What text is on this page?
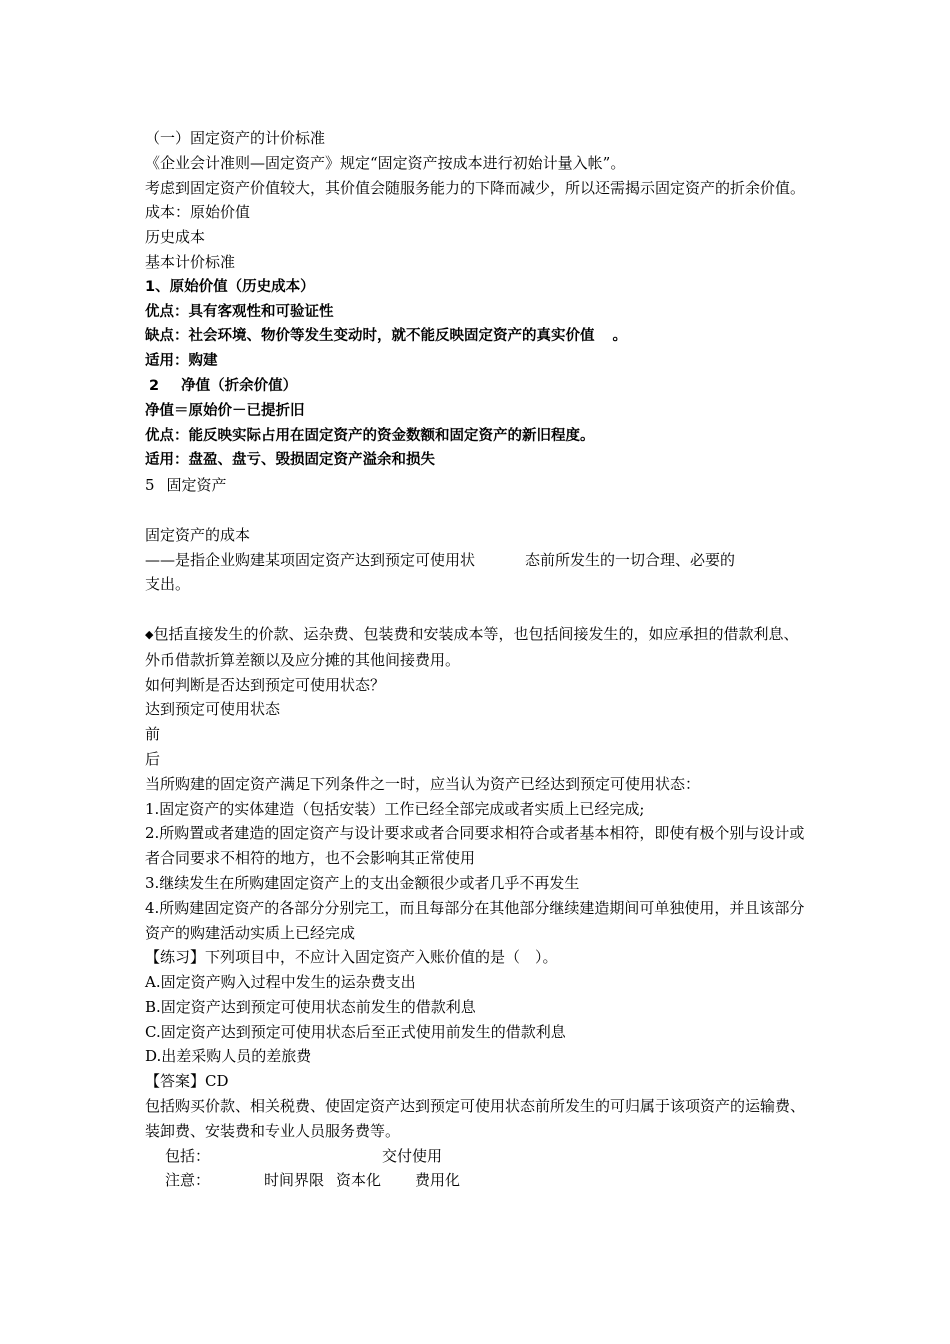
（一）固定资产的计价标准

《企业会计准则—固定资产》规定“固定资产按成本进行初始计量入帐”。

考虑到固定资产价值较大，其价值会随服务能力的下降而减少，所以还需揭示固定资产的折余价值。

成本：原始价值

历史成本

基本计价标准

1、原始价值（历史成本）

优点：具有客观性和可验证性

缺点：社会环境、物价等发生变动时，就不能反映固定资产的真实价值 。

适用：购建

2 净值（折余价值）

净值＝原始价－已提折旧

优点：能反映实际占用在固定资产的资金数额和固定资产的新旧程度。

适用：盘盈、盘亏、毁损固定资产溢余和损失

5 固定资产

固定资产的成本

——是指企业购建某项固定资产达到预定可使用状	态前所发生的一切合理、必要的

支出。

◆包括直接发生的价款、运杂费、包装费和安装成本等，也包括间接发生的，如应承担的借款利息、外币借款折算差额以及应分摊的其他间接费用。

如何判断是否达到预定可使用状态？

达到预定可使用状态

前

后

当所购建的固定资产满足下列条件之一时，应当认为资产已经达到预定可使用状态：

1.固定资产的实体建造（包括安装）工作已经全部完成或者实质上已经完成;

2.所购置或者建造的固定资产与设计要求或者合同要求相符合或者基本相符，即使有极个别与设计或者合同要求不相符的地方，也不会影响其正常使用

3.继续发生在所购建固定资产上的支出金额很少或者几乎不再发生

4.所购建固定资产的各部分分别完工，而且每部分在其他部分继续建造期间可单独使用，并且该部分资产的购建活动实质上已经完成

【练习】下列项目中，不应计入固定资产入账价值的是（　）。

A.固定资产购入过程中发生的运杂费支出

B.固定资产达到预定可使用状态前发生的借款利息

C.固定资产达到预定可使用状态后至正式使用前发生的借款利息

D.出差采购人员的差旅费

【答案】CD

包括购买价款、相关税费、使固定资产达到预定可使用状态前所发生的可归属于该项资产的运输费、装卸费、安装费和专业人员服务费等。

包括：	交付使用

注意：	时间界限 资本化 费用化
